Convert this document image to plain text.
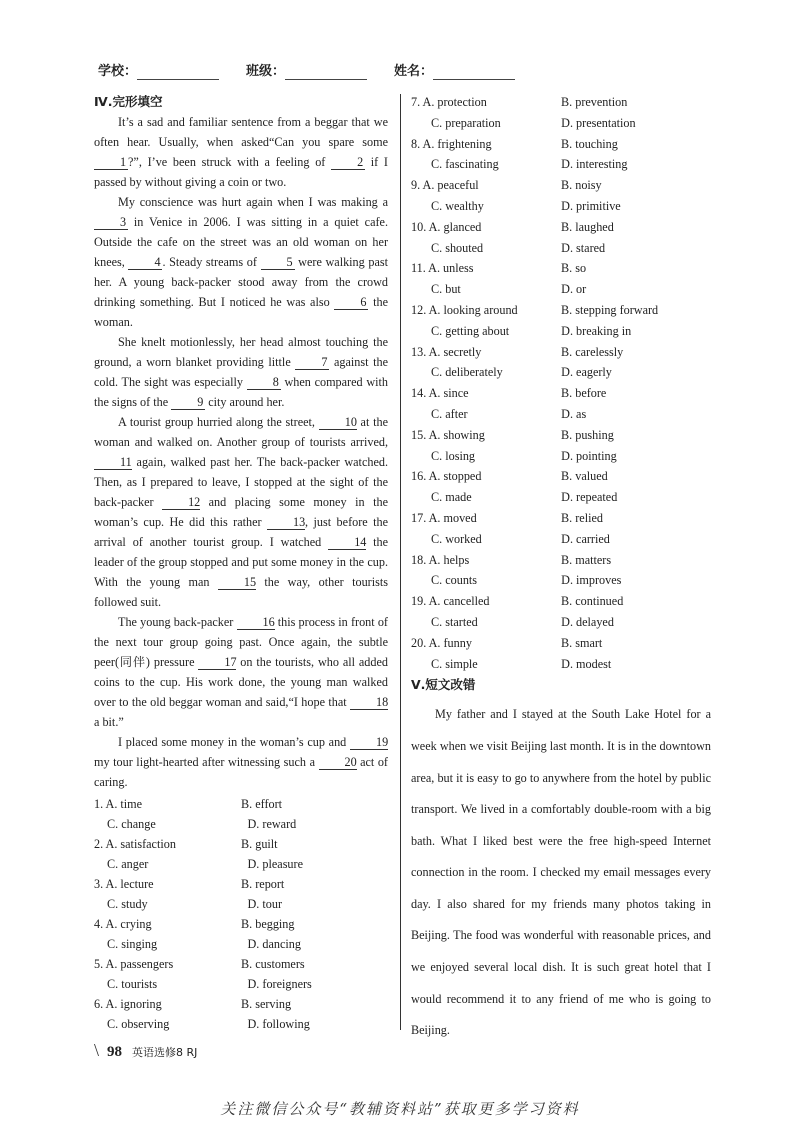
学校：	班级：	姓名：
Ⅳ.完形填空

It’s a sad and familiar sentence from a beggar that we often hear. Usually, when asked“Can you spare some 1 ?”, I’ve been struck with a feeling of 2 if I passed by without giving a coin or two.

My conscience was hurt again when I was making a 3 in Venice in 2006. I was sitting in a quiet cafe. Outside the cafe on the street was an old woman on her knees, 4 . Steady streams of 5 were walking past her. A young back-packer stood away from the crowd drinking something. But I noticed he was also 6 the woman.

She knelt motionlessly, her head almost touching the ground, a worn blanket providing little 7 against the cold. The sight was especially 8 when compared with the signs of the 9 city around her.

A tourist group hurried along the street, 10 at the woman and walked on. Another group of tourists arrived, 11 again, walked past her. The back-packer watched. Then, as I prepared to leave, I stopped at the sight of the back-packer 12 and placing some money in the woman’s cup. He did this rather 13, just before the arrival of another tourist group. I watched 14 the leader of the group stopped and put some money in the cup. With the young man 15 the way, other tourists followed suit.

The young back-packer 16 this process in front of the next tour group going past. Once again, the subtle peer(同伴) pressure 17 on the tourists, who all added coins to the cup. His work done, the young man walked over to the old beggar woman and said,“I hope that 18 a bit.”

I placed some money in the woman’s cup and 19 my tour light-hearted after witnessing such a 20 act of caring.

1. A. time	B. effort
C. change	D. reward
2. A. satisfaction	B. guilt
C. anger	D. pleasure
3. A. lecture	B. report
C. study	D. tour
4. A. crying	B. begging
C. singing	D. dancing
5. A. passengers	B. customers
C. tourists	D. foreigners
6. A. ignoring	B. serving
C. observing	D. following
7. A. protection	B. prevention
C. preparation	D. presentation
8. A. frightening	B. touching
C. fascinating	D. interesting
9. A. peaceful	B. noisy
C. wealthy	D. primitive
10. A. glanced	B. laughed
C. shouted	D. stared
11. A. unless	B. so
C. but	D. or
12. A. looking around	B. stepping forward
C. getting about	D. breaking in
13. A. secretly	B. carelessly
C. deliberately	D. eagerly
14. A. since	B. before
C. after	D. as
15. A. showing	B. pushing
C. losing	D. pointing
16. A. stopped	B. valued
C. made	D. repeated
17. A. moved	B. relied
C. worked	D. carried
18. A. helps	B. matters
C. counts	D. improves
19. A. cancelled	B. continued
C. started	D. delayed
20. A. funny	B. smart
C. simple	D. modest
Ⅴ.短文改错

My father and I stayed at the South Lake Hotel for a week when we visit Beijing last month. It is in the downtown area, but it is easy to go to anywhere from the hotel by public transport. We lived in a comfortably double-room with a big bath. What I liked best were the free high-speed Internet connection in the room. I checked my email messages every day. I also shared for my friends many photos taking in Beijing. The food was wonderful with reasonable prices, and we enjoyed several local dish. It is such great hotel that I would recommend it to any friend of me who is going to Beijing.

\ 98 英语选修8 RJ
关注微信公众号“教辅资料站”获取更多学习资料
